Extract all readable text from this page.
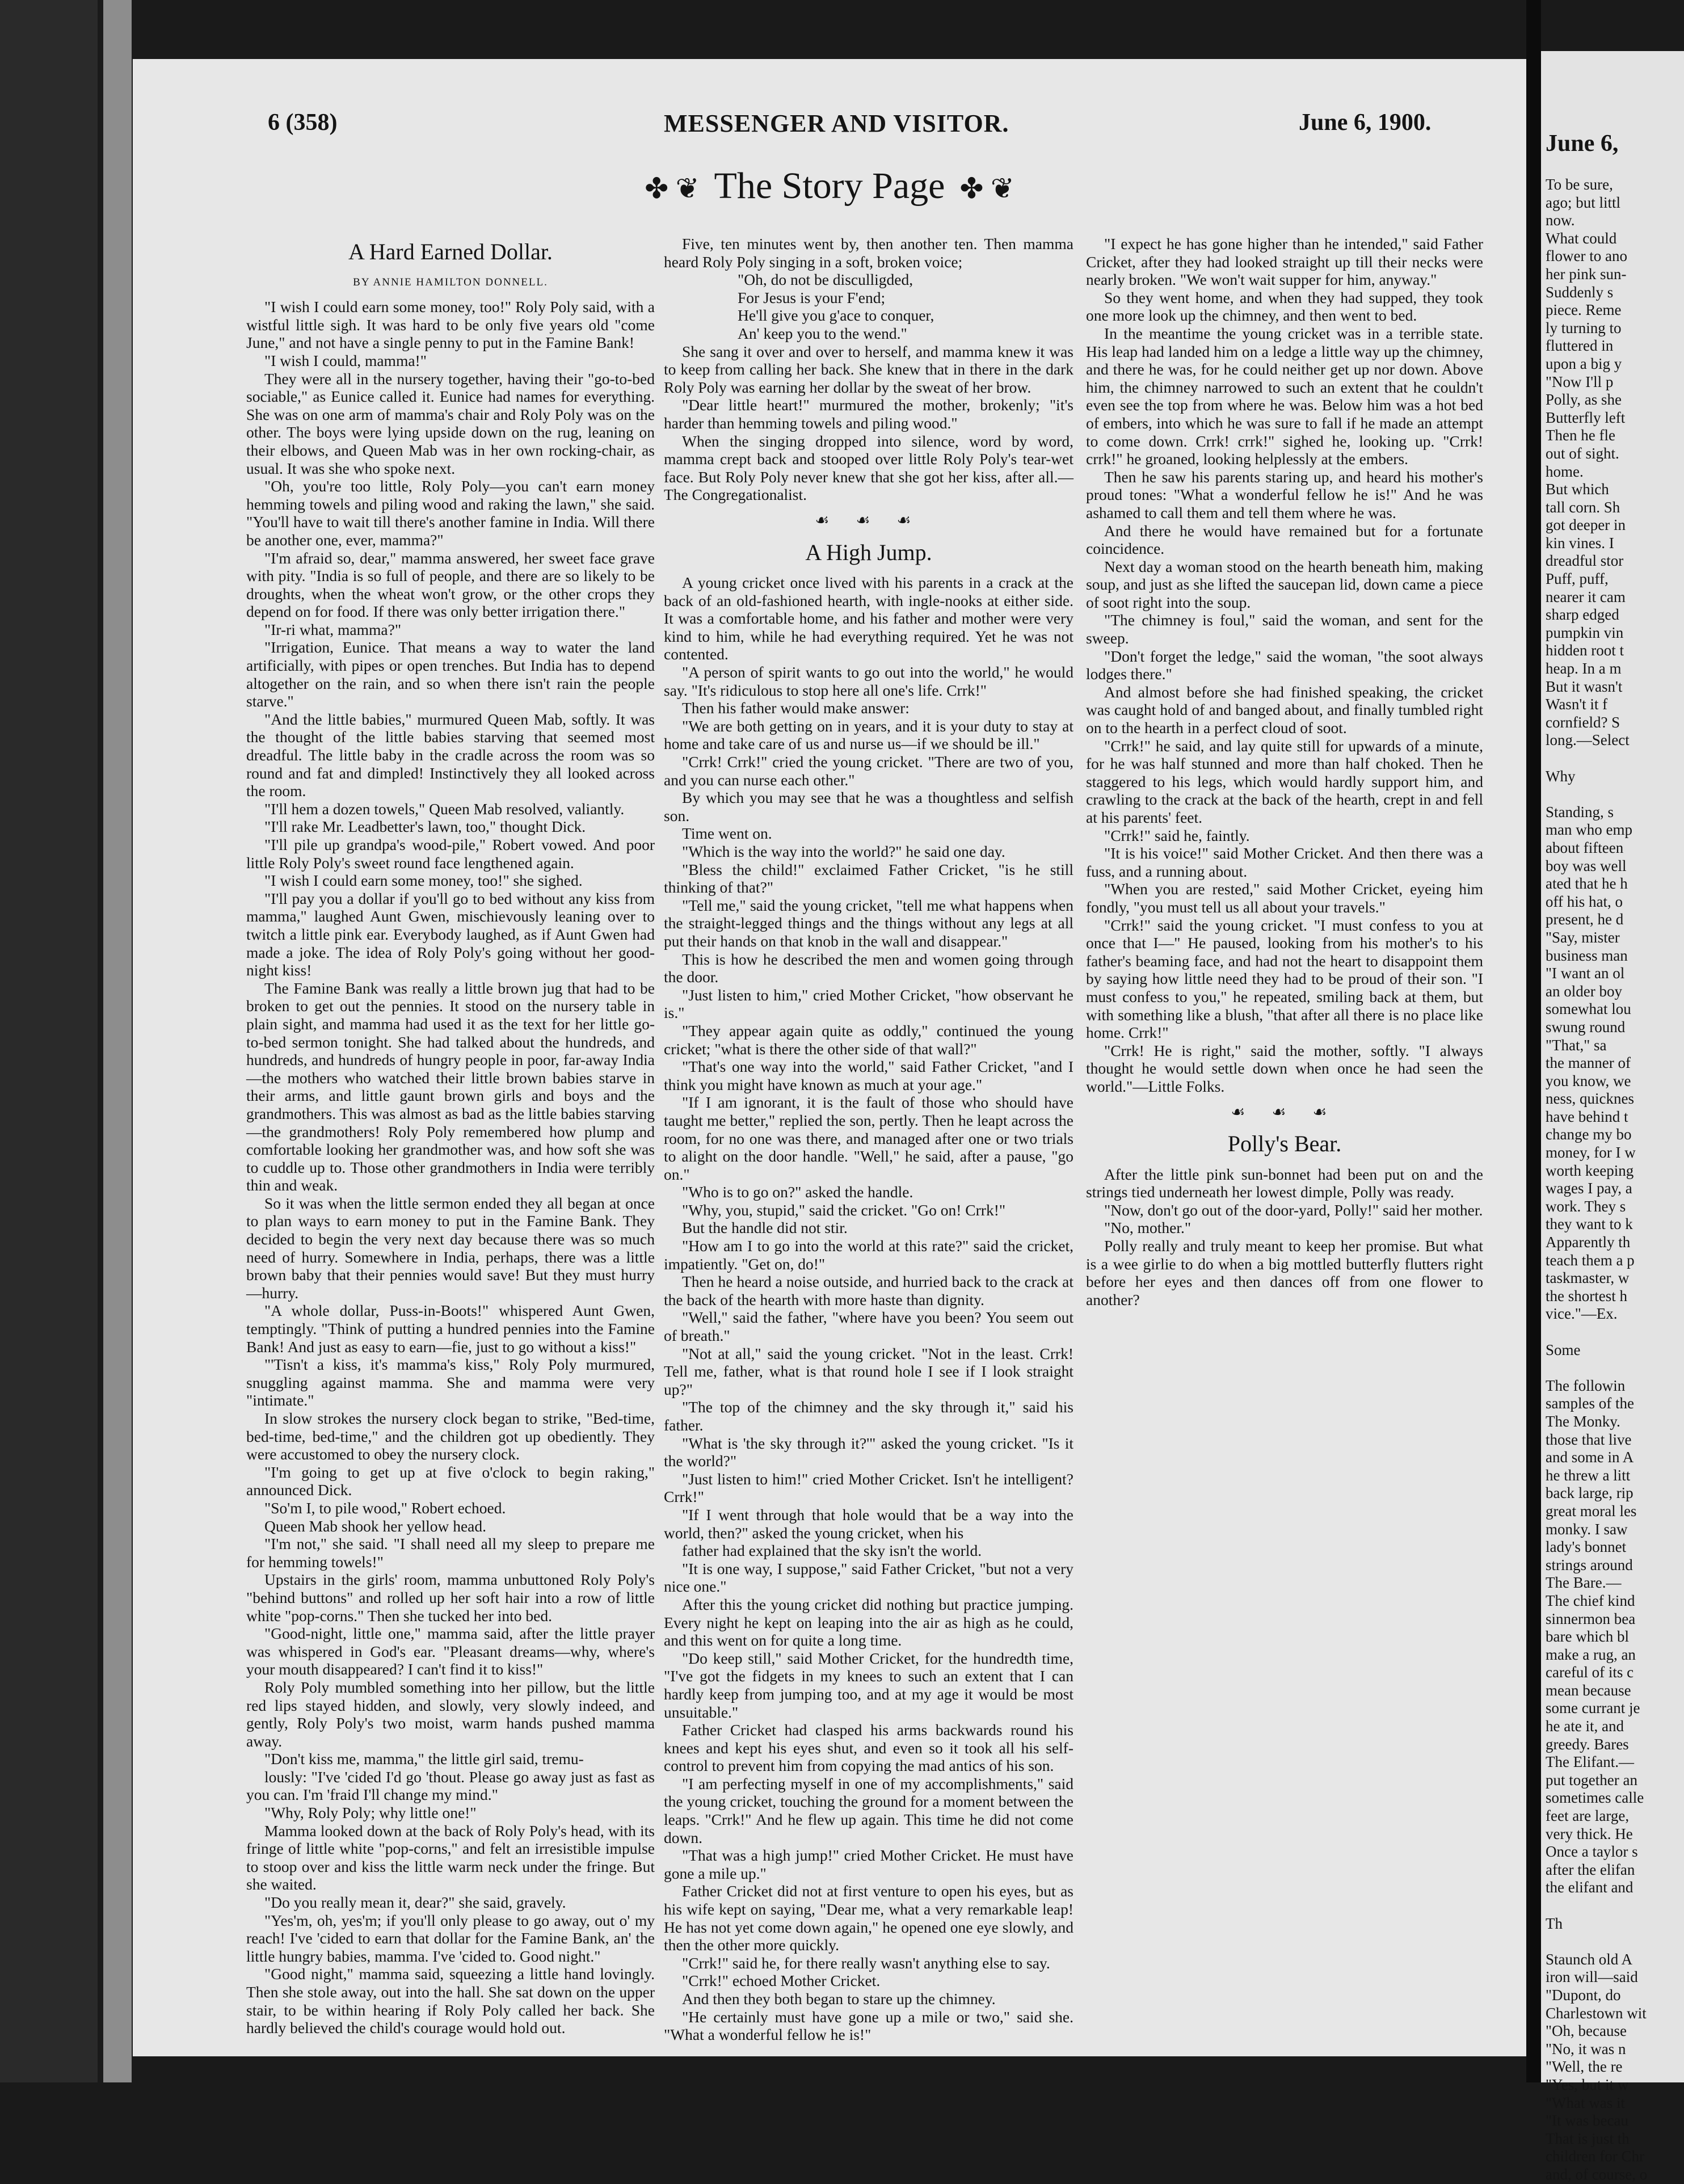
6 (358)	MESSENGER AND VISITOR.	June 6, 1900.
✤ ❦ The Story Page ✤ ❦
A Hard Earned Dollar.
BY ANNIE HAMILTON DONNELL.

"I wish I could earn some money, too!" Roly Poly said, with a wistful little sigh. It was hard to be only five years old "come June," and not have a single penny to put in the Famine Bank!

"I wish I could, mamma!"

They were all in the nursery together, having their "go-to-bed sociable," as Eunice called it. Eunice had names for everything. She was on one arm of mamma's chair and Roly Poly was on the other. The boys were lying upside down on the rug, leaning on their elbows, and Queen Mab was in her own rocking-chair, as usual. It was she who spoke next.

"Oh, you're too little, Roly Poly—you can't earn money hemming towels and piling wood and raking the lawn," she said. "You'll have to wait till there's another famine in India. Will there be another one, ever, mamma?"

"I'm afraid so, dear," mamma answered, her sweet face grave with pity. "India is so full of people, and there are so likely to be droughts, when the wheat won't grow, or the other crops they depend on for food. If there was only better irrigation there."

"Ir-ri what, mamma?"

"Irrigation, Eunice. That means a way to water the land artificially, with pipes or open trenches. But India has to depend altogether on the rain, and so when there isn't rain the people starve."

"And the little babies," murmured Queen Mab, softly. It was the thought of the little babies starving that seemed most dreadful. The little baby in the cradle across the room was so round and fat and dimpled! Instinctively they all looked across the room.

"I'll hem a dozen towels," Queen Mab resolved, valiantly.

"I'll rake Mr. Leadbetter's lawn, too," thought Dick.

"I'll pile up grandpa's wood-pile," Robert vowed. And poor little Roly Poly's sweet round face lengthened again.

"I wish I could earn some money, too!" she sighed.

"I'll pay you a dollar if you'll go to bed without any kiss from mamma," laughed Aunt Gwen, mischievously leaning over to twitch a little pink ear. Everybody laughed, as if Aunt Gwen had made a joke. The idea of Roly Poly's going without her good-night kiss!

The Famine Bank was really a little brown jug that had to be broken to get out the pennies. It stood on the nursery table in plain sight, and mamma had used it as the text for her little go-to-bed sermon tonight. She had talked about the hundreds, and hundreds, and hundreds of hungry people in poor, far-away India—the mothers who watched their little brown babies starve in their arms, and little gaunt brown girls and boys and the grandmothers. This was almost as bad as the little babies starving—the grandmothers! Roly Poly remembered how plump and comfortable looking her grandmother was, and how soft she was to cuddle up to. Those other grandmothers in India were terribly thin and weak.

So it was when the little sermon ended they all began at once to plan ways to earn money to put in the Famine Bank. They decided to begin the very next day because there was so much need of hurry. Somewhere in India, perhaps, there was a little brown baby that their pennies would save! But they must hurry—hurry.

"A whole dollar, Puss-in-Boots!" whispered Aunt Gwen, temptingly. "Think of putting a hundred pennies into the Famine Bank! And just as easy to earn—fie, just to go without a kiss!"

"'Tisn't a kiss, it's mamma's kiss," Roly Poly murmured, snuggling against mamma. She and mamma were very "intimate."

In slow strokes the nursery clock began to strike, "Bed-time, bed-time, bed-time," and the children got up obediently. They were accustomed to obey the nursery clock.

"I'm going to get up at five o'clock to begin raking," announced Dick.

"So'm I, to pile wood," Robert echoed.

Queen Mab shook her yellow head.

"I'm not," she said. "I shall need all my sleep to prepare me for hemming towels!"

Upstairs in the girls' room, mamma unbuttoned Roly Poly's "behind buttons" and rolled up her soft hair into a row of little white "pop-corns." Then she tucked her into bed.

"Good-night, little one," mamma said, after the little prayer was whispered in God's ear. "Pleasant dreams—why, where's your mouth disappeared? I can't find it to kiss!"

Roly Poly mumbled something into her pillow, but the little red lips stayed hidden, and slowly, very slowly indeed, and gently, Roly Poly's two moist, warm hands pushed mamma away.

"Don't kiss me, mamma," the little girl said, tremu-

lously: "I've 'cided I'd go 'thout. Please go away just as fast as you can. I'm 'fraid I'll change my mind."

"Why, Roly Poly; why little one!"

Mamma looked down at the back of Roly Poly's head, with its fringe of little white "pop-corns," and felt an irresistible impulse to stoop over and kiss the little warm neck under the fringe. But she waited.

"Do you really mean it, dear?" she said, gravely.

"Yes'm, oh, yes'm; if you'll only please to go away, out o' my reach! I've 'cided to earn that dollar for the Famine Bank, an' the little hungry babies, mamma. I've 'cided to. Good night."

"Good night," mamma said, squeezing a little hand lovingly. Then she stole away, out into the hall. She sat down on the upper stair, to be within hearing if Roly Poly called her back. She hardly believed the child's courage would hold out.

Five, ten minutes went by, then another ten. Then mamma heard Roly Poly singing in a soft, broken voice;

"Oh, do not be disculligded,
For Jesus is your F'end;
He'll give you g'ace to conquer,
An' keep you to the wend."

She sang it over and over to herself, and mamma knew it was to keep from calling her back. She knew that in there in the dark Roly Poly was earning her dollar by the sweat of her brow.

"Dear little heart!" murmured the mother, brokenly; "it's harder than hemming towels and piling wood."

When the singing dropped into silence, word by word, mamma crept back and stooped over little Roly Poly's tear-wet face. But Roly Poly never knew that she got her kiss, after all.—The Congregationalist.

☙ ☙ ☙
A High Jump.

A young cricket once lived with his parents in a crack at the back of an old-fashioned hearth, with ingle-nooks at either side. It was a comfortable home, and his father and mother were very kind to him, while he had everything required. Yet he was not contented.

"A person of spirit wants to go out into the world," he would say. "It's ridiculous to stop here all one's life. Crrk!"

Then his father would make answer:

"We are both getting on in years, and it is your duty to stay at home and take care of us and nurse us—if we should be ill."

"Crrk! Crrk!" cried the young cricket. "There are two of you, and you can nurse each other."

By which you may see that he was a thoughtless and selfish son.

Time went on.

"Which is the way into the world?" he said one day.

"Bless the child!" exclaimed Father Cricket, "is he still thinking of that?"

"Tell me," said the young cricket, "tell me what happens when the straight-legged things and the things without any legs at all put their hands on that knob in the wall and disappear."

This is how he described the men and women going through the door.

"Just listen to him," cried Mother Cricket, "how observant he is."

"They appear again quite as oddly," continued the young cricket; "what is there the other side of that wall?"

"That's one way into the world," said Father Cricket, "and I think you might have known as much at your age."

"If I am ignorant, it is the fault of those who should have taught me better," replied the son, pertly. Then he leapt across the room, for no one was there, and managed after one or two trials to alight on the door handle. "Well," he said, after a pause, "go on."

"Who is to go on?" asked the handle.

"Why, you, stupid," said the cricket. "Go on! Crrk!"

But the handle did not stir.

"How am I to go into the world at this rate?" said the cricket, impatiently. "Get on, do!"

Then he heard a noise outside, and hurried back to the crack at the back of the hearth with more haste than dignity.

"Well," said the father, "where have you been? You seem out of breath."

"Not at all," said the young cricket. "Not in the least. Crrk! Tell me, father, what is that round hole I see if I look straight up?"

"The top of the chimney and the sky through it," said his father.

"What is 'the sky through it?'" asked the young cricket. "Is it the world?"

"Just listen to him!" cried Mother Cricket. Isn't he intelligent? Crrk!"

"If I went through that hole would that be a way into the world, then?" asked the young cricket, when his

father had explained that the sky isn't the world.

"It is one way, I suppose," said Father Cricket, "but not a very nice one."

After this the young cricket did nothing but practice jumping. Every night he kept on leaping into the air as high as he could, and this went on for quite a long time.

"Do keep still," said Mother Cricket, for the hundredth time, "I've got the fidgets in my knees to such an extent that I can hardly keep from jumping too, and at my age it would be most unsuitable."

Father Cricket had clasped his arms backwards round his knees and kept his eyes shut, and even so it took all his self-control to prevent him from copying the mad antics of his son.

"I am perfecting myself in one of my accomplishments," said the young cricket, touching the ground for a moment between the leaps. "Crrk!" And he flew up again. This time he did not come down.

"That was a high jump!" cried Mother Cricket. He must have gone a mile up."

Father Cricket did not at first venture to open his eyes, but as his wife kept on saying, "Dear me, what a very remarkable leap! He has not yet come down again," he opened one eye slowly, and then the other more quickly.

"Crrk!" said he, for there really wasn't anything else to say.

"Crrk!" echoed Mother Cricket.

And then they both began to stare up the chimney.

"He certainly must have gone up a mile or two," said she. "What a wonderful fellow he is!"

"I expect he has gone higher than he intended," said Father Cricket, after they had looked straight up till their necks were nearly broken. "We won't wait supper for him, anyway."

So they went home, and when they had supped, they took one more look up the chimney, and then went to bed.

In the meantime the young cricket was in a terrible state. His leap had landed him on a ledge a little way up the chimney, and there he was, for he could neither get up nor down. Above him, the chimney narrowed to such an extent that he couldn't even see the top from where he was. Below him was a hot bed of embers, into which he was sure to fall if he made an attempt to come down. Crrk! crrk!" sighed he, looking up. "Crrk! crrk!" he groaned, looking helplessly at the embers.

Then he saw his parents staring up, and heard his mother's proud tones: "What a wonderful fellow he is!" And he was ashamed to call them and tell them where he was.

And there he would have remained but for a fortunate coincidence.

Next day a woman stood on the hearth beneath him, making soup, and just as she lifted the saucepan lid, down came a piece of soot right into the soup.

"The chimney is foul," said the woman, and sent for the sweep.

"Don't forget the ledge," said the woman, "the soot always lodges there."

And almost before she had finished speaking, the cricket was caught hold of and banged about, and finally tumbled right on to the hearth in a perfect cloud of soot.

"Crrk!" he said, and lay quite still for upwards of a minute, for he was half stunned and more than half choked. Then he staggered to his legs, which would hardly support him, and crawling to the crack at the back of the hearth, crept in and fell at his parents' feet.

"Crrk!" said he, faintly.

"It is his voice!" said Mother Cricket. And then there was a fuss, and a running about.

"When you are rested," said Mother Cricket, eyeing him fondly, "you must tell us all about your travels."

"Crrk!" said the young cricket. "I must confess to you at once that I—" He paused, looking from his mother's to his father's beaming face, and had not the heart to disappoint them by saying how little need they had to be proud of their son. "I must confess to you," he repeated, smiling back at them, but with something like a blush, "that after all there is no place like home. Crrk!"

"Crrk! He is right," said the mother, softly. "I always thought he would settle down when once he had seen the world."—Little Folks.

☙ ☙ ☙
Polly's Bear.

After the little pink sun-bonnet had been put on and the strings tied underneath her lowest dimple, Polly was ready.

"Now, don't go out of the door-yard, Polly!" said her mother.

"No, mother."

Polly really and truly meant to keep her promise. But what is a wee girlie to do when a big mottled butterfly flutters right before her eyes and then dances off from one flower to another?

June 6,

To be sure,

ago; but littl

now.

What could

flower to ano

her pink sun-

Suddenly s

piece. Reme

ly turning to

fluttered in

upon a big y

"Now I'll p

Polly, as she

Butterfly left

Then he fle

out of sight.

home.

But which

tall corn. Sh

got deeper in

kin vines. I

dreadful stor

Puff, puff,

nearer it cam

sharp edged

pumpkin vin

hidden root t

heap. In a m

But it wasn't

Wasn't it f

cornfield? S

long.—Select

Why

Standing, s

man who emp

about fifteen

boy was well

ated that he h

off his hat, o

present, he d

"Say, mister

business man

"I want an ol

an older boy

somewhat lou

swung round

"That," sa

the manner of

you know, we

ness, quicknes

have behind t

change my bo

money, for I w

worth keeping

wages I pay, a

work. They s

they want to k

Apparently th

teach them a p

taskmaster, w

the shortest h

vice."—Ex.

Some

The followin

samples of the

The Monky.

those that live

and some in A

he threw a litt

back large, rip

great moral les

monky. I saw

lady's bonnet

strings around

The Bare.—

The chief kind

sinnermon bea

bare which bl

make a rug, an

careful of its c

mean because

some currant je

he ate it, and

greedy. Bares

The Elifant.—

put together an

sometimes calle

feet are large,

very thick. He

Once a taylor s

after the elifan

the elifant and

Th

Staunch old A

iron will—said

"Dupont, do

Charlestown wit

"Oh, because

"No, it was n

"Well, the re

"Yes, but it w

"What was it

"It was becau

That is just th

children for Chr

and, of course, o
